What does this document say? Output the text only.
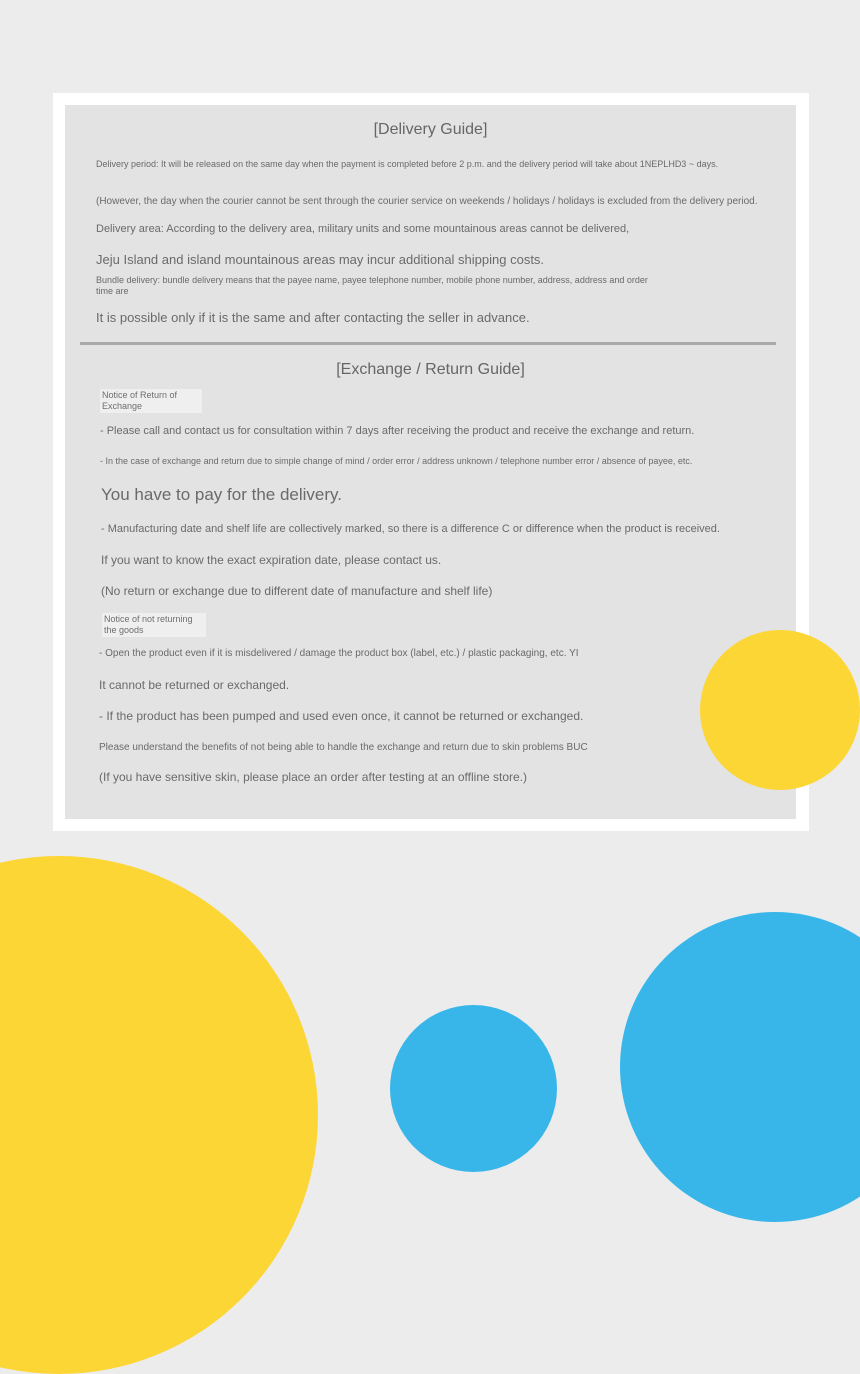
[Delivery Guide]

Delivery period: It will be released on the same day when the payment is completed before 2 p.m. and the delivery period will take about 1NEPLHD3 ~ days.

(However, the day when the courier cannot be sent through the courier service on weekends / holidays / holidays is excluded from the delivery period.

Delivery area: According to the delivery area, military units and some mountainous areas cannot be delivered,

Jeju Island and island mountainous areas may incur additional shipping costs.

Bundle delivery: bundle delivery means that the payee name, payee telephone number, mobile phone number, address, address and order time are

It is possible only if it is the same and after contacting the seller in advance.

[Exchange / Return Guide]

Notice of Return of Exchange

- Please call and contact us for consultation within 7 days after receiving the product and receive the exchange and return.

- In the case of exchange and return due to simple change of mind / order error / address unknown / telephone number error / absence of payee, etc.

You have to pay for the delivery.

- Manufacturing date and shelf life are collectively marked, so there is a difference C or difference when the product is received.

If you want to know the exact expiration date, please contact us.

(No return or exchange due to different date of manufacture and shelf life)

Notice of not returning the goods

- Open the product even if it is misdelivered / damage the product box (label, etc.) / plastic packaging, etc. YI

It cannot be returned or exchanged.

- If the product has been pumped and used even once, it cannot be returned or exchanged.

Please understand the benefits of not being able to handle the exchange and return due to skin problems BUC

(If you have sensitive skin, please place an order after testing at an offline store.)
